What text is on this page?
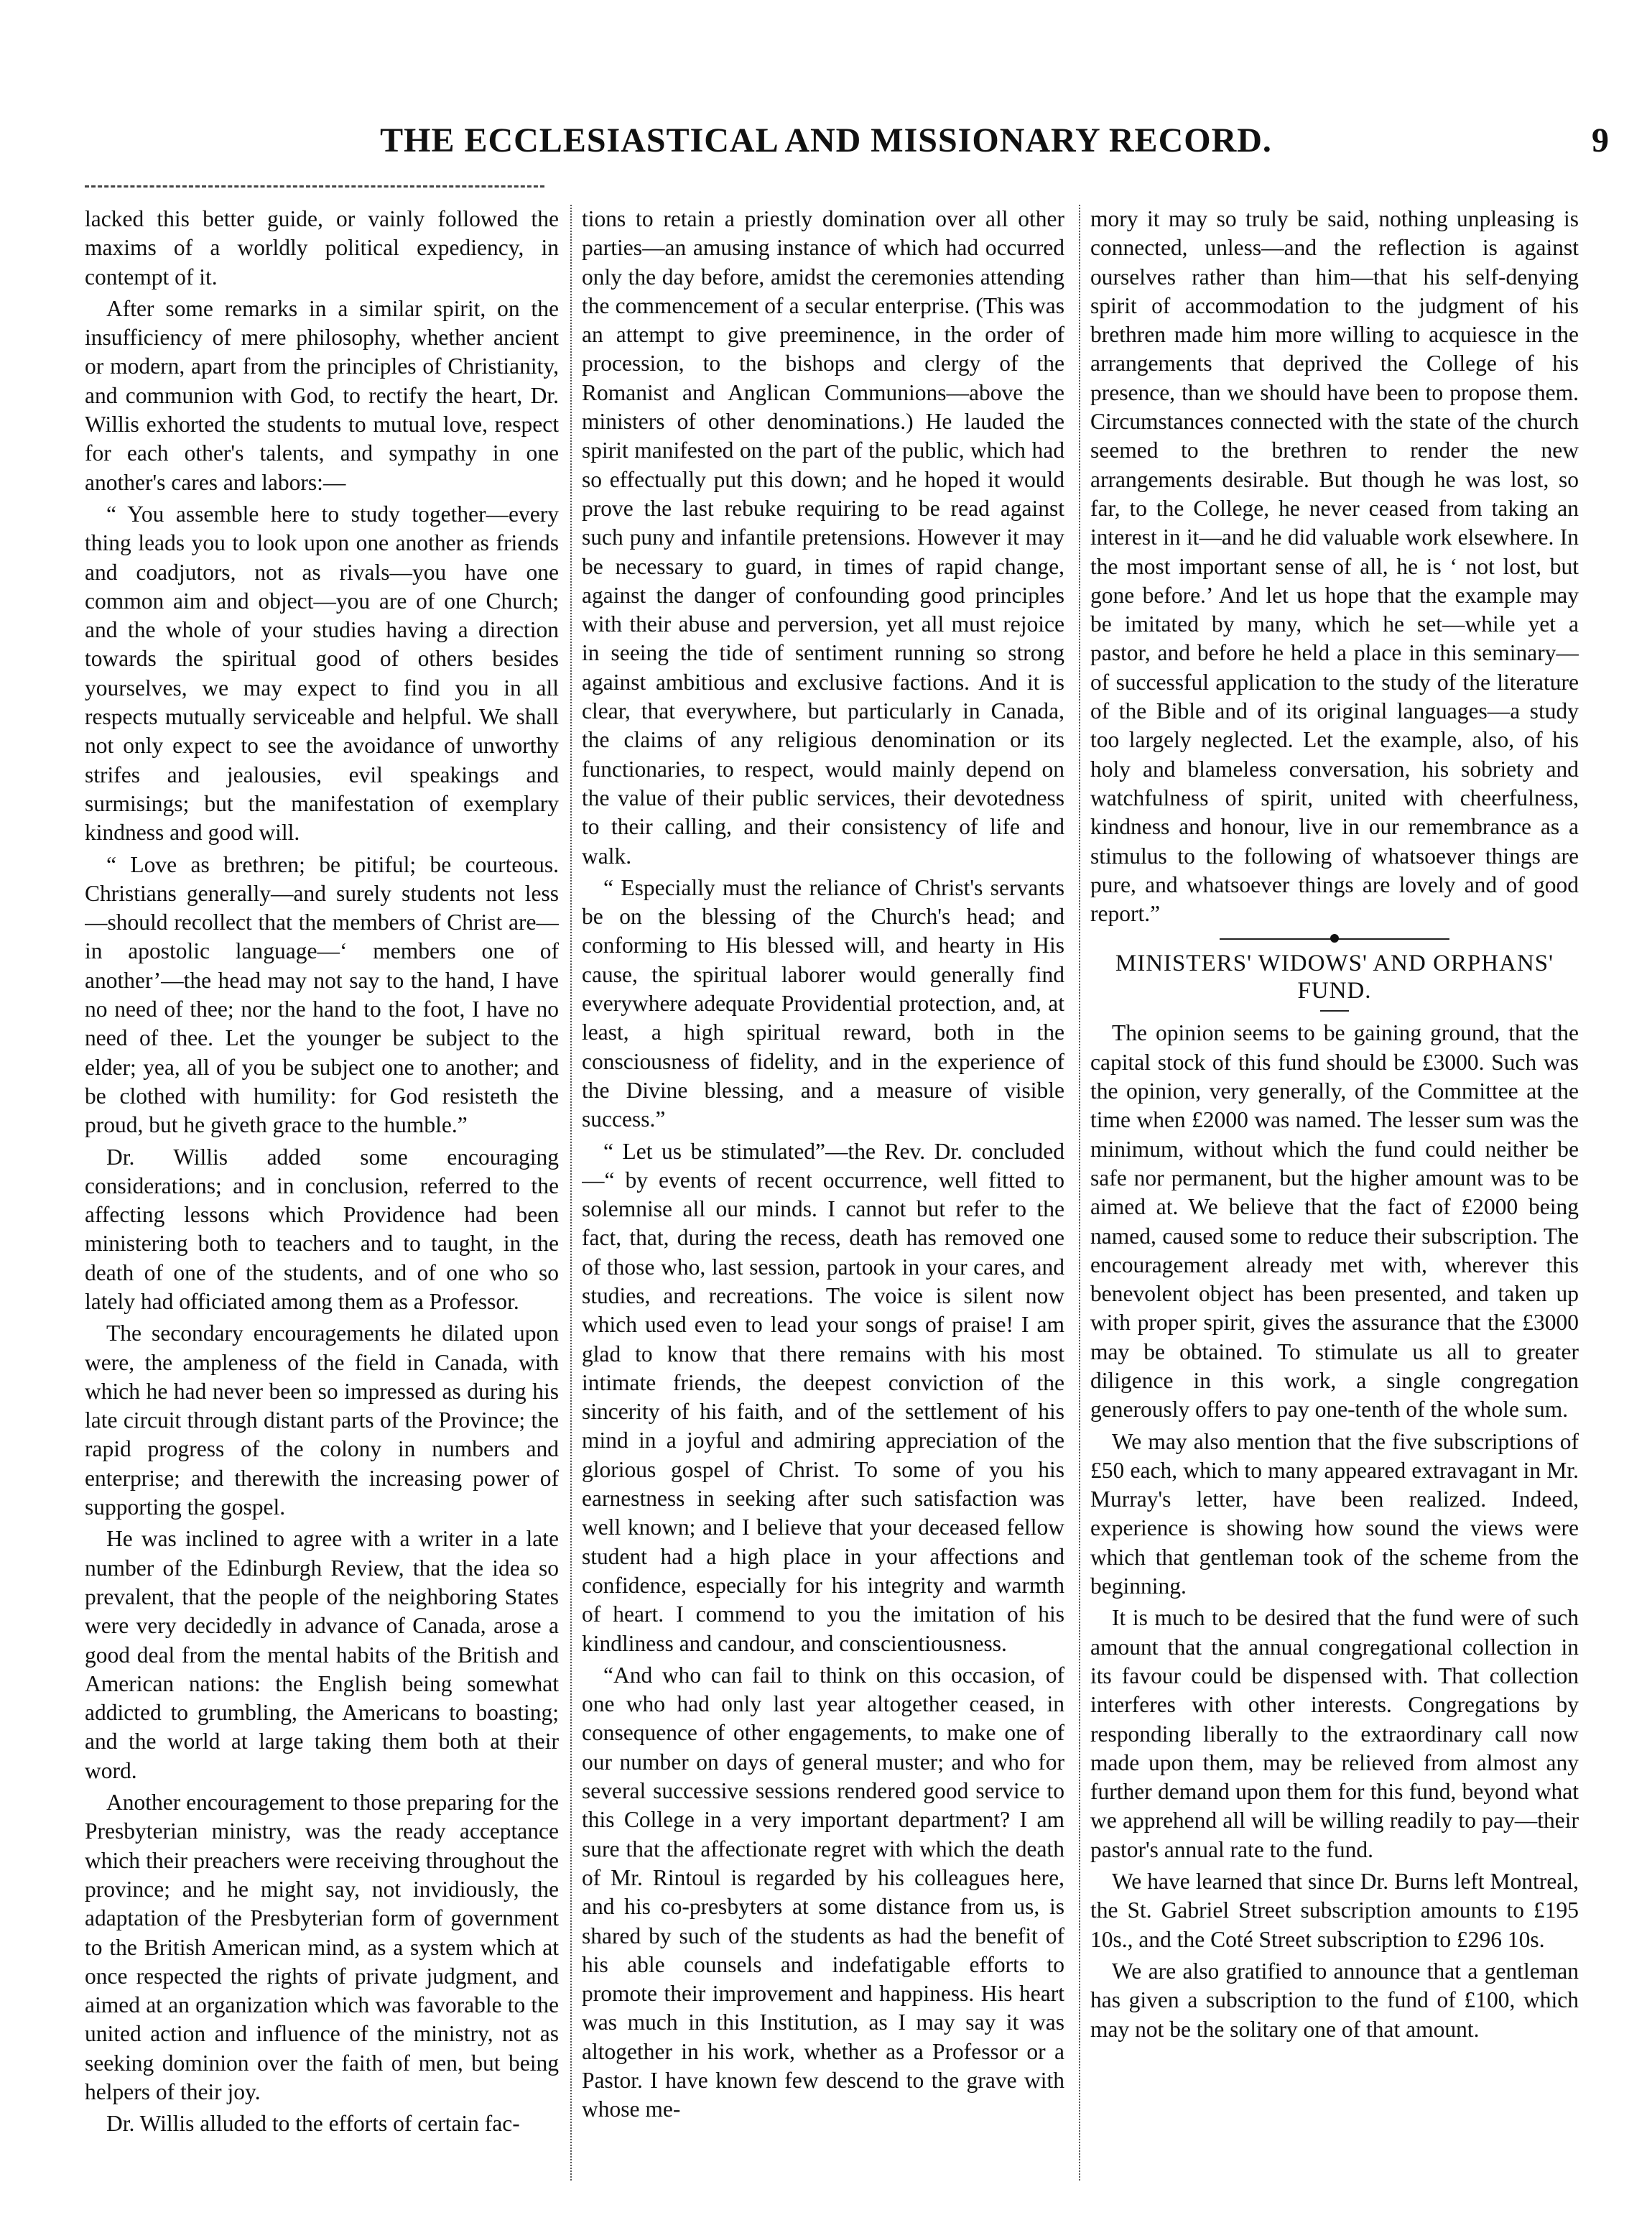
THE ECCLESIASTICAL AND MISSIONARY RECORD.	9

lacked this better guide, or vainly followed the maxims of a worldly political expediency, in contempt of it.

After some remarks in a similar spirit, on the insufficiency of mere philosophy, whether ancient or modern, apart from the principles of Christianity, and communion with God, to rectify the heart, Dr. Willis exhorted the students to mutual love, respect for each other's talents, and sympathy in one another's cares and labors:—

“ You assemble here to study together—every thing leads you to look upon one another as friends and coadjutors, not as rivals—you have one common aim and object—you are of one Church; and the whole of your studies having a direction towards the spiritual good of others besides yourselves, we may expect to find you in all respects mutually serviceable and helpful. We shall not only expect to see the avoidance of unworthy strifes and jealousies, evil speakings and surmisings; but the manifestation of exemplary kindness and good will.

“ Love as brethren; be pitiful; be courteous. Christians generally—and surely students not less—should recollect that the members of Christ are—in apostolic language—‘ members one of another’—the head may not say to the hand, I have no need of thee; nor the hand to the foot, I have no need of thee. Let the younger be subject to the elder; yea, all of you be subject one to another; and be clothed with humility: for God resisteth the proud, but he giveth grace to the humble.”

Dr. Willis added some encouraging considerations; and in conclusion, referred to the affecting lessons which Providence had been ministering both to teachers and to taught, in the death of one of the students, and of one who so lately had officiated among them as a Professor.

The secondary encouragements he dilated upon were, the ampleness of the field in Canada, with which he had never been so impressed as during his late circuit through distant parts of the Province; the rapid progress of the colony in numbers and enterprise; and therewith the increasing power of supporting the gospel.

He was inclined to agree with a writer in a late number of the Edinburgh Review, that the idea so prevalent, that the people of the neighboring States were very decidedly in advance of Canada, arose a good deal from the mental habits of the British and American nations: the English being somewhat addicted to grumbling, the Americans to boasting; and the world at large taking them both at their word.

Another encouragement to those preparing for the Presbyterian ministry, was the ready acceptance which their preachers were receiving throughout the province; and he might say, not invidiously, the adaptation of the Presbyterian form of government to the British American mind, as a system which at once respected the rights of private judgment, and aimed at an organization which was favorable to the united action and influence of the ministry, not as seeking dominion over the faith of men, but being helpers of their joy.

Dr. Willis alluded to the efforts of certain fac-

tions to retain a priestly domination over all other parties—an amusing instance of which had occurred only the day before, amidst the ceremonies attending the commencement of a secular enterprise. (This was an attempt to give preeminence, in the order of procession, to the bishops and clergy of the Romanist and Anglican Communions—above the ministers of other denominations.) He lauded the spirit manifested on the part of the public, which had so effectually put this down; and he hoped it would prove the last rebuke requiring to be read against such puny and infantile pretensions. However it may be necessary to guard, in times of rapid change, against the danger of confounding good principles with their abuse and perversion, yet all must rejoice in seeing the tide of sentiment running so strong against ambitious and exclusive factions. And it is clear, that everywhere, but particularly in Canada, the claims of any religious denomination or its functionaries, to respect, would mainly depend on the value of their public services, their devotedness to their calling, and their consistency of life and walk.

“ Especially must the reliance of Christ's servants be on the blessing of the Church's head; and conforming to His blessed will, and hearty in His cause, the spiritual laborer would generally find everywhere adequate Providential protection, and, at least, a high spiritual reward, both in the consciousness of fidelity, and in the experience of the Divine blessing, and a measure of visible success.”

“ Let us be stimulated”—the Rev. Dr. concluded —“ by events of recent occurrence, well fitted to solemnise all our minds. I cannot but refer to the fact, that, during the recess, death has removed one of those who, last session, partook in your cares, and studies, and recreations. The voice is silent now which used even to lead your songs of praise! I am glad to know that there remains with his most intimate friends, the deepest conviction of the sincerity of his faith, and of the settlement of his mind in a joyful and admiring appreciation of the glorious gospel of Christ. To some of you his earnestness in seeking after such satisfaction was well known; and I believe that your deceased fellow student had a high place in your affections and confidence, especially for his integrity and warmth of heart. I commend to you the imitation of his kindliness and candour, and conscientiousness.

“And who can fail to think on this occasion, of one who had only last year altogether ceased, in consequence of other engagements, to make one of our number on days of general muster; and who for several successive sessions rendered good service to this College in a very important department? I am sure that the affectionate regret with which the death of Mr. Rintoul is regarded by his colleagues here, and his co-presbyters at some distance from us, is shared by such of the students as had the benefit of his able counsels and indefatigable efforts to promote their improvement and happiness. His heart was much in this Institution, as I may say it was altogether in his work, whether as a Professor or a Pastor. I have known few descend to the grave with whose me-

mory it may so truly be said, nothing unpleasing is connected, unless—and the reflection is against ourselves rather than him—that his self-denying spirit of accommodation to the judgment of his brethren made him more willing to acquiesce in the arrangements that deprived the College of his presence, than we should have been to propose them. Circumstances connected with the state of the church seemed to the brethren to render the new arrangements desirable. But though he was lost, so far, to the College, he never ceased from taking an interest in it—and he did valuable work elsewhere. In the most important sense of all, he is ‘ not lost, but gone before.’ And let us hope that the example may be imitated by many, which he set—while yet a pastor, and before he held a place in this seminary—of successful application to the study of the literature of the Bible and of its original languages—a study too largely neglected. Let the example, also, of his holy and blameless conversation, his sobriety and watchfulness of spirit, united with cheerfulness, kindness and honour, live in our remembrance as a stimulus to the following of whatsoever things are pure, and whatsoever things are lovely and of good report.”

MINISTERS' WIDOWS' AND ORPHANS' FUND.

The opinion seems to be gaining ground, that the capital stock of this fund should be £3000. Such was the opinion, very generally, of the Committee at the time when £2000 was named. The lesser sum was the minimum, without which the fund could neither be safe nor permanent, but the higher amount was to be aimed at. We believe that the fact of £2000 being named, caused some to reduce their subscription. The encouragement already met with, wherever this benevolent object has been presented, and taken up with proper spirit, gives the assurance that the £3000 may be obtained. To stimulate us all to greater diligence in this work, a single congregation generously offers to pay one-tenth of the whole sum.

We may also mention that the five subscriptions of £50 each, which to many appeared extravagant in Mr. Murray's letter, have been realized. Indeed, experience is showing how sound the views were which that gentleman took of the scheme from the beginning.

It is much to be desired that the fund were of such amount that the annual congregational collection in its favour could be dispensed with. That collection interferes with other interests. Congregations by responding liberally to the extraordinary call now made upon them, may be relieved from almost any further demand upon them for this fund, beyond what we apprehend all will be willing readily to pay—their pastor's annual rate to the fund.

We have learned that since Dr. Burns left Montreal, the St. Gabriel Street subscription amounts to £195 10s., and the Coté Street subscription to £296 10s.

We are also gratified to announce that a gentleman has given a subscription to the fund of £100, which may not be the solitary one of that amount.
